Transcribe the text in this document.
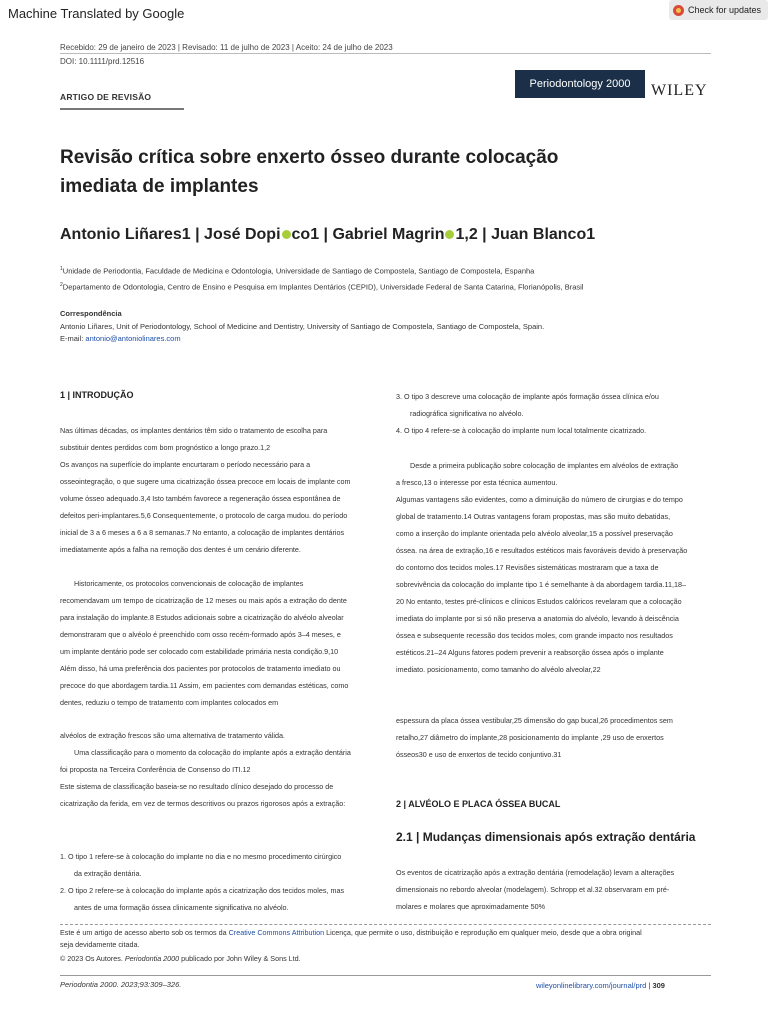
Machine Translated by Google	Check for updates
Recebido: 29 de janeiro de 2023 | Revisado: 11 de julho de 2023 | Aceito: 24 de julho de 2023
DOI: 10.1111/prd.12516
Periodontology 2000	WILEY
ARTIGO DE REVISÃO
Revisão crítica sobre enxerto ósseo durante colocação
imediata de implantes
Antonio Liñares1 | José Dopi co1 | Gabriel Magrin 1,2 | Juan Blanco1
$^1$Unidade de Periodontia, Faculdade de Medicina e Odontologia, Universidade de Santiago de Compostela, Santiago de Compostela, Espanha
$^2$Departamento de Odontologia, Centro de Ensino e Pesquisa em Implantes Dentários (CEPID), Universidade Federal de Santa Catarina, Florianópolis, Brasil
Correspondência
Antonio Liñares, Unit of Periodontology, School of Medicine and Dentistry, University of Santiago de Compostela, Santiago de Compostela, Spain.
E-mail: antonio@antoniolinares.com
1 | INTRODUÇÃO
Nas últimas décadas, os implantes dentários têm sido o tratamento de escolha para
substituir dentes perdidos com bom prognóstico a longo prazo.1,2
Os avanços na superfície do implante encurtaram o período necessário para a
osseointegração, o que sugere uma cicatrização óssea precoce em locais de implante com
volume ósseo adequado.3,4 Isto também favorece a regeneração óssea espontânea de
defeitos peri-implantares.5,6 Consequentemente, o protocolo de carga mudou. do período
inicial de 3 a 6 meses a 6 a 8 semanas.7 No entanto, a colocação de implantes dentários
imediatamente após a falha na remoção dos dentes é um cenário diferente.
Historicamente, os protocolos convencionais de colocação de implantes
recomendavam um tempo de cicatrização de 12 meses ou mais após a extração do dente
para instalação do implante.8 Estudos adicionais sobre a cicatrização do alvéolo alveolar
demonstraram que o alvéolo é preenchido com osso recém-formado após 3–4 meses, e
um implante dentário pode ser colocado com estabilidade primária nesta condição.9,10
Além disso, há uma preferência dos pacientes por protocolos de tratamento imediato ou
precoce do que abordagem tardia.11 Assim, em pacientes com demandas estéticas, como
dentes, reduziu o tempo de tratamento com implantes colocados em
alvéolos de extração frescos são uma alternativa de tratamento válida.
Uma classificação para o momento da colocação do implante após a extração dentária
foi proposta na Terceira Conferência de Consenso do ITI.12
Este sistema de classificação baseia-se no resultado clínico desejado do processo de
cicatrização da ferida, em vez de termos descritivos ou prazos rigorosos após a extração:
1. O tipo 1 refere-se à colocação do implante no dia e no mesmo procedimento cirúrgico
da extração dentária.
2. O tipo 2 refere-se à colocação do implante após a cicatrização dos tecidos moles, mas
antes de uma formação óssea clinicamente significativa no alvéolo.
3. O tipo 3 descreve uma colocação de implante após formação óssea clínica e/ou
radiográfica significativa no alvéolo.
4. O tipo 4 refere-se à colocação do implante num local totalmente cicatrizado.
Desde a primeira publicação sobre colocação de implantes em alvéolos de extração
a fresco,13 o interesse por esta técnica aumentou.
Algumas vantagens são evidentes, como a diminuição do número de cirurgias e do tempo
global de tratamento.14 Outras vantagens foram propostas, mas são muito debatidas,
como a inserção do implante orientada pelo alvéolo alveolar,15 a possível preservação
óssea. na área de extração,16 e resultados estéticos mais favoráveis devido à preservação
do contorno dos tecidos moles.17 Revisões sistemáticas mostraram que a taxa de
sobrevivência da colocação do implante tipo 1 é semelhante à da abordagem tardia.11,18–
20 No entanto, testes pré-clínicos e clínicos Estudos calóricos revelaram que a colocação
imediata do implante por si só não preserva a anatomia do alvéolo, levando à deiscência
óssea e subsequente recessão dos tecidos moles, com grande impacto nos resultados
estéticos.21–24 Alguns fatores podem prevenir a reabsorção óssea após o implante
imediato. posicionamento, como tamanho do alvéolo alveolar,22
espessura da placa óssea vestibular,25 dimensão do gap bucal,26 procedimentos sem
retalho,27 diâmetro do implante,28 posicionamento do implante ,29 uso de enxertos
ósseos30 e uso de enxertos de tecido conjuntivo.31
2 | ALVÉOLO E PLACA ÓSSEA BUCAL
2.1 | Mudanças dimensionais após extração dentária
Os eventos de cicatrização após a extração dentária (remodelação) levam a alterações
dimensionais no rebordo alveolar (modelagem). Schropp et al.32 observaram em pré-
molares e molares que aproximadamente 50%
Este é um artigo de acesso aberto sob os termos da Creative Commons Attribution Licença, que permite o uso, distribuição e reprodução em qualquer meio, desde que a obra original
seja devidamente citada.
© 2023 Os Autores. Periodontia 2000 publicado por John Wiley & Sons Ltd.
Periodontia 2000. 2023;93:309–326.	wileyonlinelibrary.com/journal/prd | 309
